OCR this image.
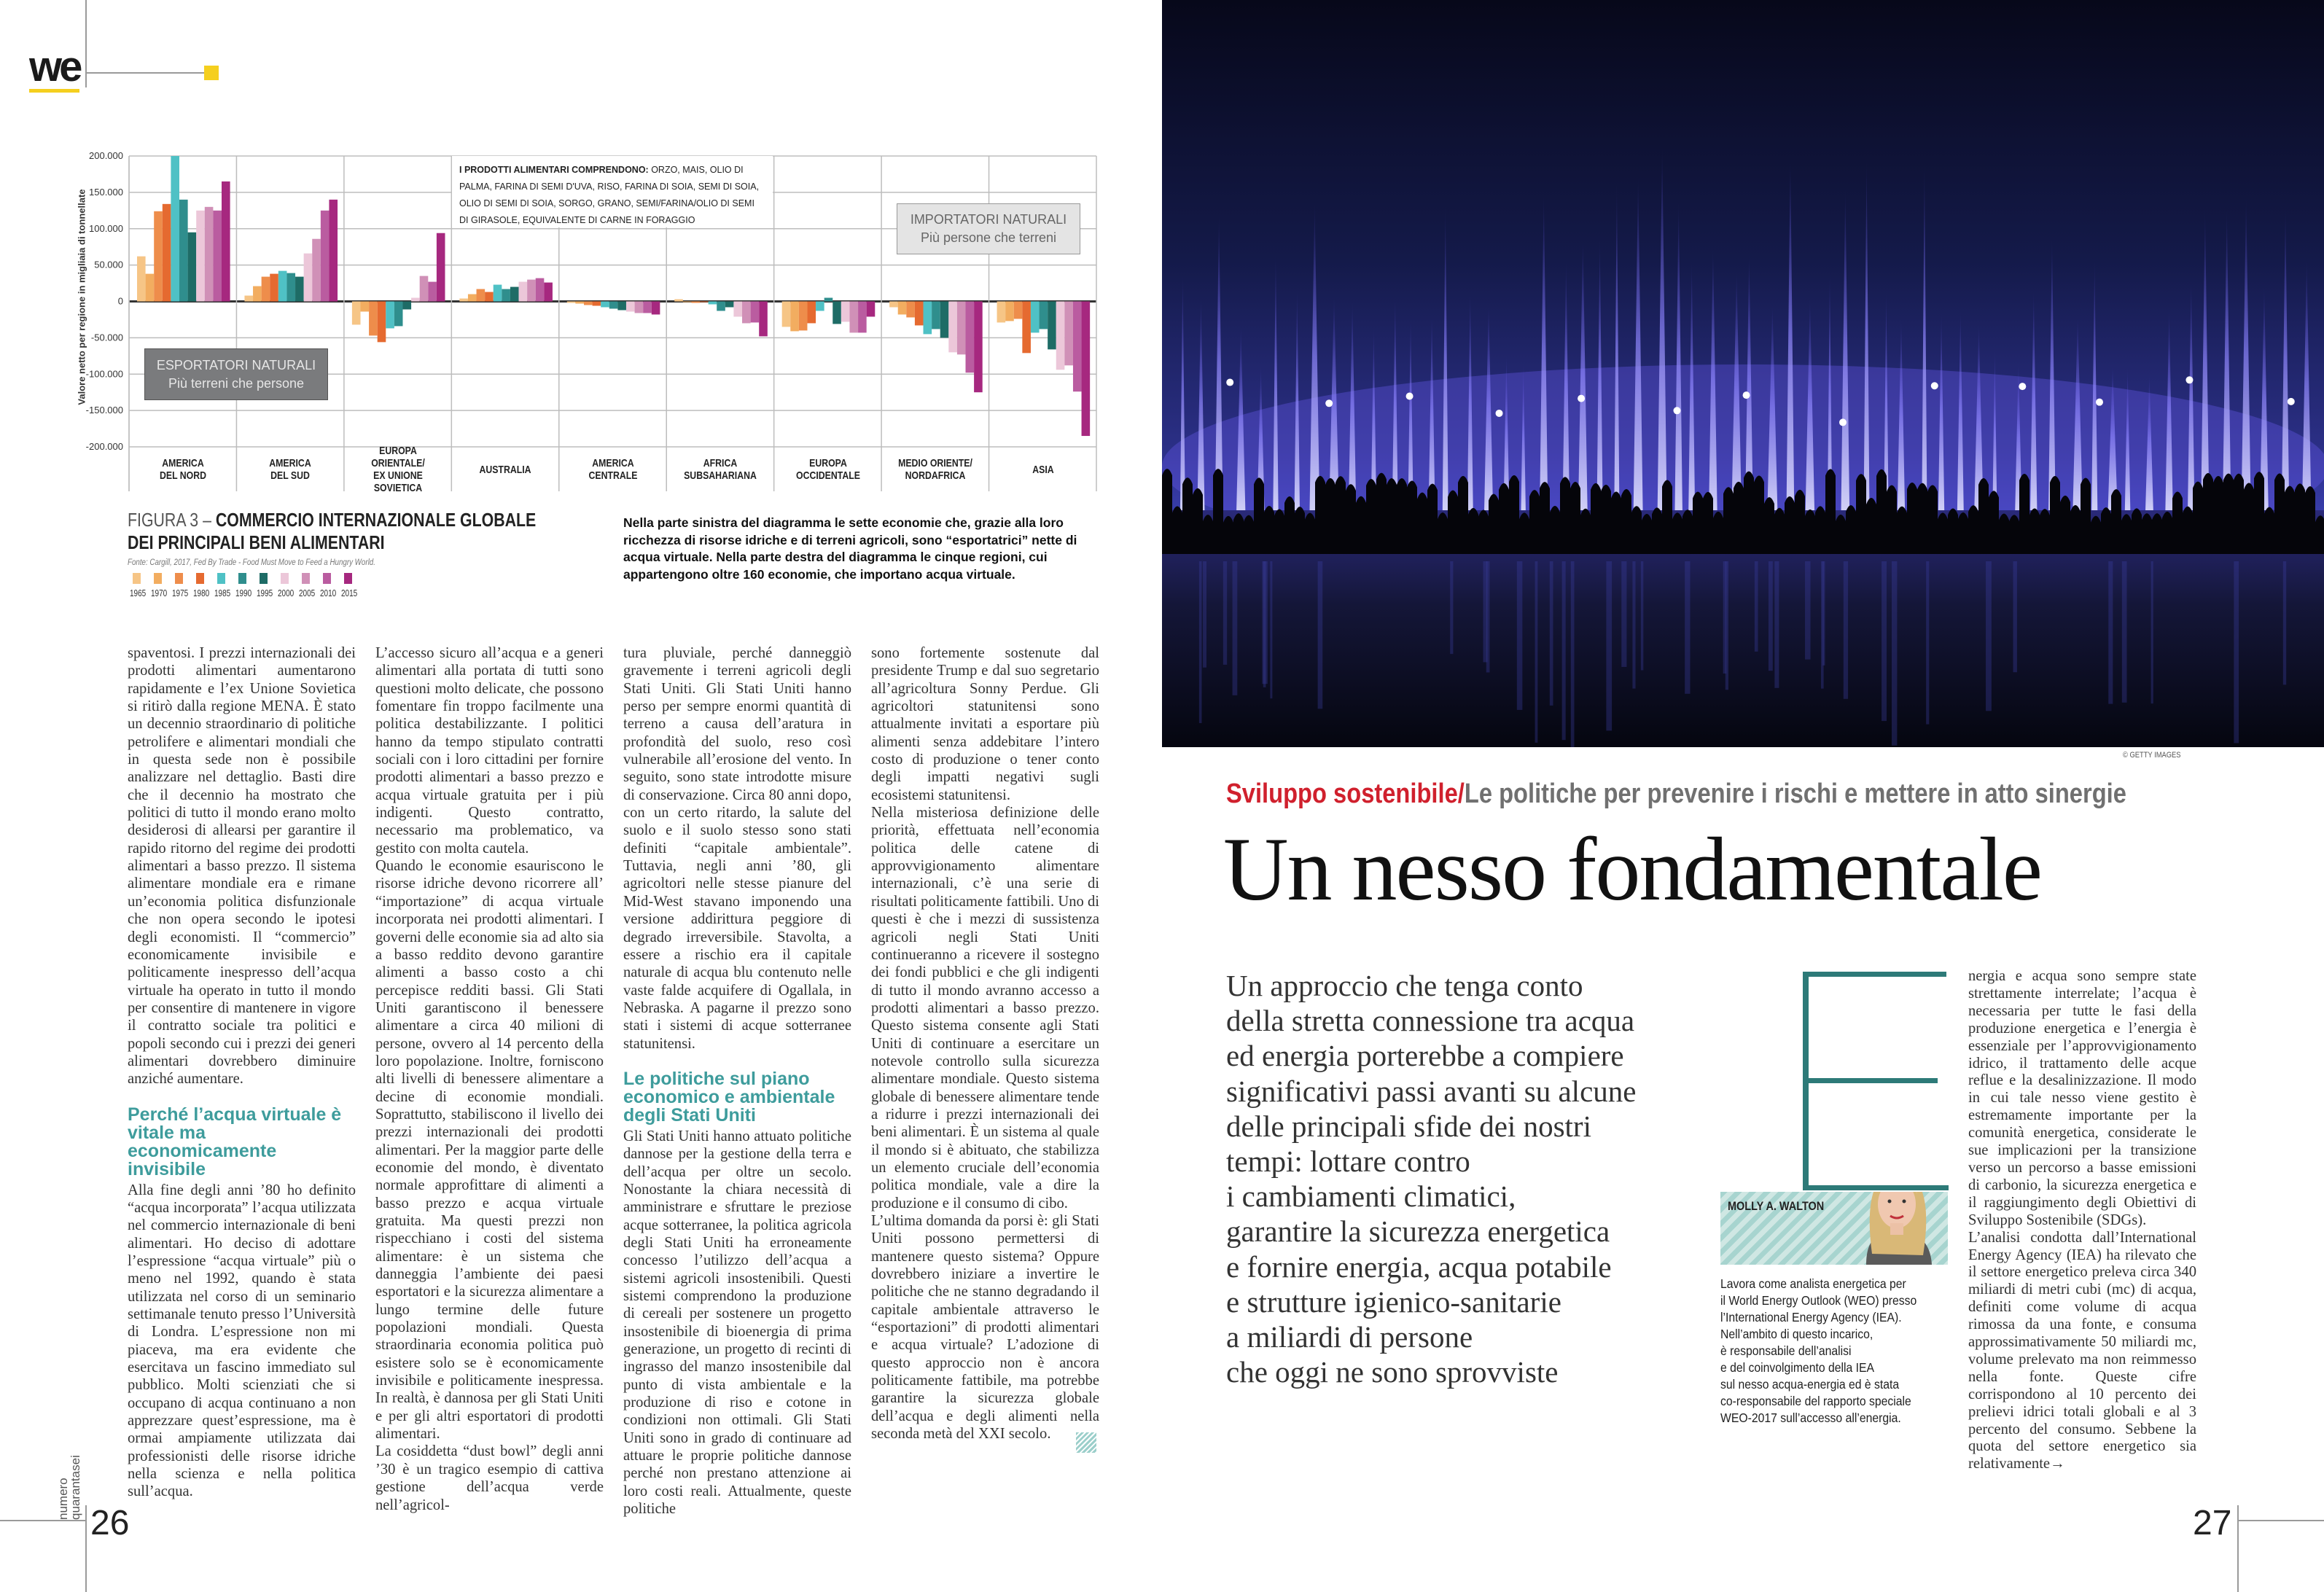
we
200.000
150.000
100.000
50.000
0
-50.000
-100.000
-150.000
-200.000
Valore netto per regione in migliaia di tonnellate
AMERICA
DEL NORD
AMERICA
DEL SUD
EUROPA ORIENTALE/
EX UNIONE
SOVIETICA
AUSTRALIA	AMERICA
CENTRALE
AFRICA
SUBSAHARIANA
EUROPA
OCCIDENTALE
MEDIO ORIENTE/
NORDAFRICA	ASIA
I PRODOTTI ALIMENTARI COMPRENDONO: ORZO, MAIS, OLIO DI PALMA, FARINA DI SEMI D'UVA, RISO, FARINA DI SOIA, SEMI DI SOIA, OLIO DI SEMI DI SOIA, SORGO, GRANO, SEMI/FARINA/OLIO DI SEMI DI GIRASOLE, EQUIVALENTE DI CARNE IN FORAGGIO
ESPORTATORI NATURALI
Più terreni che persone
IMPORTATORI NATURALI
Più persone che terreni
FIGURA 3 – COMMERCIO INTERNAZIONALE GLOBALE
DEI PRINCIPALI BENI ALIMENTARI
Fonte: Cargill, 2017, Fed By Trade - Food Must Move to Feed a Hungry World.
1965 1970 1975 1980 1985 1990 1995 2000 2005 2010 2015
Nella parte sinistra del diagramma le sette economie che, grazie alla loro ricchezza di risorse idriche e di terreni agricoli, sono “esportatrici” nette di acqua virtuale. Nella parte destra del diagramma le cinque regioni, cui appartengono oltre 160 economie, che importano acqua virtuale.

spaventosi. I prezzi internazionali dei prodotti alimentari aumentarono rapidamente e l’ex Unione Sovietica si ritirò dalla regione MENA. È stato un decennio straordinario di politiche petrolifere e alimentari mondiali che in questa sede non è possibile analizzare nel dettaglio. Basti dire che il decennio ha mostrato che politici di tutto il mondo erano molto desiderosi di allearsi per garantire il rapido ritorno del regime dei prodotti alimentari a basso prezzo. Il sistema alimentare mondiale era e rimane un’economia politica disfunzionale che non opera secondo le ipotesi degli economisti. Il “commercio” economicamente invisibile e politicamente inespresso dell’acqua virtuale ha operato in tutto il mondo per consentire di mantenere in vigore il contratto sociale tra politici e popoli secondo cui i prezzi dei generi alimentari dovrebbero diminuire anziché aumentare.

Perché l’acqua virtuale è vitale ma economicamente invisibile

Alla fine degli anni ’80 ho definito “acqua incorporata” l’acqua utilizzata nel commercio internazionale di beni alimentari. Ho deciso di adottare l’espressione “acqua virtuale” più o meno nel 1992, quando è stata utilizzata nel corso di un seminario settimanale tenuto presso l’Università di Londra. L’espressione non mi piaceva, ma era evidente che esercitava un fascino immediato sul pubblico. Molti scienziati che si occupano di acqua continuano a non apprezzare quest’espressione, ma è ormai ampiamente utilizzata dai professionisti delle risorse idriche nella scienza e nella politica sull’acqua.

L’accesso sicuro all’acqua e a generi alimentari alla portata di tutti sono questioni molto delicate, che possono fomentare fin troppo facilmente una politica destabilizzante. I politici hanno da tempo stipulato contratti sociali con i loro cittadini per fornire prodotti alimentari a basso prezzo e acqua virtuale gratuita per i più indigenti. Questo contratto, necessario ma problematico, va gestito con molta cautela.

Quando le economie esauriscono le risorse idriche devono ricorrere all’ “importazione” di acqua virtuale incorporata nei prodotti alimentari. I governi delle economie sia ad alto sia a basso reddito devono garantire alimenti a basso costo a chi percepisce redditi bassi. Gli Stati Uniti garantiscono il benessere alimentare a circa 40 milioni di persone, ovvero al 14 percento della loro popolazione. Inoltre, forniscono alti livelli di benessere alimentare a decine di economie mondiali. Soprattutto, stabiliscono il livello dei prezzi internazionali dei prodotti alimentari. Per la maggior parte delle economie del mondo, è diventato normale approfittare di alimenti a basso prezzo e acqua virtuale gratuita. Ma questi prezzi non rispecchiano i costi del sistema alimentare: è un sistema che danneggia l’ambiente dei paesi esportatori e la sicurezza alimentare a lungo termine delle future popolazioni mondiali. Questa straordinaria economia politica può esistere solo se è economicamente invisibile e politicamente inespressa. In realtà, è dannosa per gli Stati Uniti e per gli altri esportatori di prodotti alimentari.

La cosiddetta “dust bowl” degli anni ’30 è un tragico esempio di cattiva gestione dell’acqua verde nell’agricol-

tura pluviale, perché danneggiò gravemente i terreni agricoli degli Stati Uniti. Gli Stati Uniti hanno perso per sempre enormi quantità di terreno a causa dell’aratura in profondità del suolo, reso così vulnerabile all’erosione del vento. In seguito, sono state introdotte misure di conservazione. Circa 80 anni dopo, con un certo ritardo, la salute del suolo e il suolo stesso sono stati definiti “capitale ambientale”. Tuttavia, negli anni ’80, gli agricoltori nelle stesse pianure del Mid-West stavano imponendo una versione addirittura peggiore di degrado irreversibile. Stavolta, a essere a rischio era il capitale naturale di acqua blu contenuto nelle vaste falde acquifere di Ogallala, in Nebraska. A pagarne il prezzo sono stati i sistemi di acque sotterranee statunitensi.

Le politiche sul piano economico e ambientale degli Stati Uniti

Gli Stati Uniti hanno attuato politiche dannose per la gestione della terra e dell’acqua per oltre un secolo. Nonostante la chiara necessità di amministrare e sfruttare le preziose acque sotterranee, la politica agricola degli Stati Uniti ha erroneamente concesso l’utilizzo dell’acqua a sistemi agricoli insostenibili. Questi sistemi comprendono la produzione di cereali per sostenere un progetto insostenibile di bioenergia di prima generazione, un progetto di recinti di ingrasso del manzo insostenibile dal punto di vista ambientale e la produzione di riso e cotone in condizioni non ottimali. Gli Stati Uniti sono in grado di continuare ad attuare le proprie politiche dannose perché non prestano attenzione ai loro costi reali. Attualmente, queste politiche

sono fortemente sostenute dal presidente Trump e dal suo segretario all’agricoltura Sonny Perdue. Gli agricoltori statunitensi sono attualmente invitati a esportare più alimenti senza addebitare l’intero costo di produzione o tener conto degli impatti negativi sugli ecosistemi statunitensi.

Nella misteriosa definizione delle priorità, effettuata nell’economia politica delle catene di approvvigionamento alimentare internazionali, c’è una serie di risultati politicamente fattibili. Uno di questi è che i mezzi di sussistenza agricoli negli Stati Uniti continueranno a ricevere il sostegno dei fondi pubblici e che gli indigenti di tutto il mondo avranno accesso a prodotti alimentari a basso prezzo. Questo sistema consente agli Stati Uniti di continuare a esercitare un notevole controllo sulla sicurezza alimentare mondiale. Questo sistema globale di benessere alimentare tende a ridurre i prezzi internazionali dei beni alimentari. È un sistema al quale il mondo si è abituato, che stabilizza un elemento cruciale dell’economia politica mondiale, vale a dire la produzione e il consumo di cibo.

L’ultima domanda da porsi è: gli Stati Uniti possono permettersi di mantenere questo sistema? Oppure dovrebbero iniziare a invertire le politiche che ne stanno degradando il capitale ambientale attraverso le “esportazioni” di prodotti alimentari e acqua virtuale? L’adozione di questo approccio non è ancora politicamente fattibile, ma potrebbe garantire la sicurezza globale dell’acqua e degli alimenti nella seconda metà del XXI secolo.

numero
quarantasei
26
© GETTY IMAGES
Sviluppo sostenibile/Le politiche per prevenire i rischi e mettere in atto sinergie
Un nesso fondamentale
Un approccio che tenga conto
della stretta connessione tra acqua
ed energia porterebbe a compiere
significativi passi avanti su alcune
delle principali sfide dei nostri
tempi: lottare contro
i cambiamenti climatici,
garantire la sicurezza energetica
e fornire energia, acqua potabile
e strutture igienico-sanitarie
a miliardi di persone
che oggi ne sono sprovviste
MOLLY A. WALTON
Lavora come analista energetica per
il World Energy Outlook (WEO) presso
l’International Energy Agency (IEA).
Nell’ambito di questo incarico,
è responsabile dell’analisi
e del coinvolgimento della IEA
sul nesso acqua-energia ed è stata
co-responsabile del rapporto speciale
WEO-2017 sull’accesso all’energia.

nergia e acqua sono sempre state strettamente interrelate; l’acqua è necessaria per tutte le fasi della produzione energetica e l’energia è essenziale per l’approvvigionamento idrico, il trattamento delle acque reflue e la desalinizzazione. Il modo in cui tale nesso viene gestito è estremamente importante per la comunità energetica, considerate le sue implicazioni per la transizione verso un percorso a basse emissioni di carbonio, la sicurezza energetica e il raggiungimento degli Obiettivi di Sviluppo Sostenibile (SDGs).

L’analisi condotta dall’International Energy Agency (IEA) ha rilevato che il settore energetico preleva circa 340 miliardi di metri cubi (mc) di acqua, definiti come volume di acqua rimossa da una fonte, e consuma approssimativamente 50 miliardi mc, volume prelevato ma non reimmesso nella fonte. Queste cifre corrispondono al 10 percento dei prelievi idrici totali globali e al 3 percento del consumo. Sebbene la quota del settore energetico sia relativamente→

27
